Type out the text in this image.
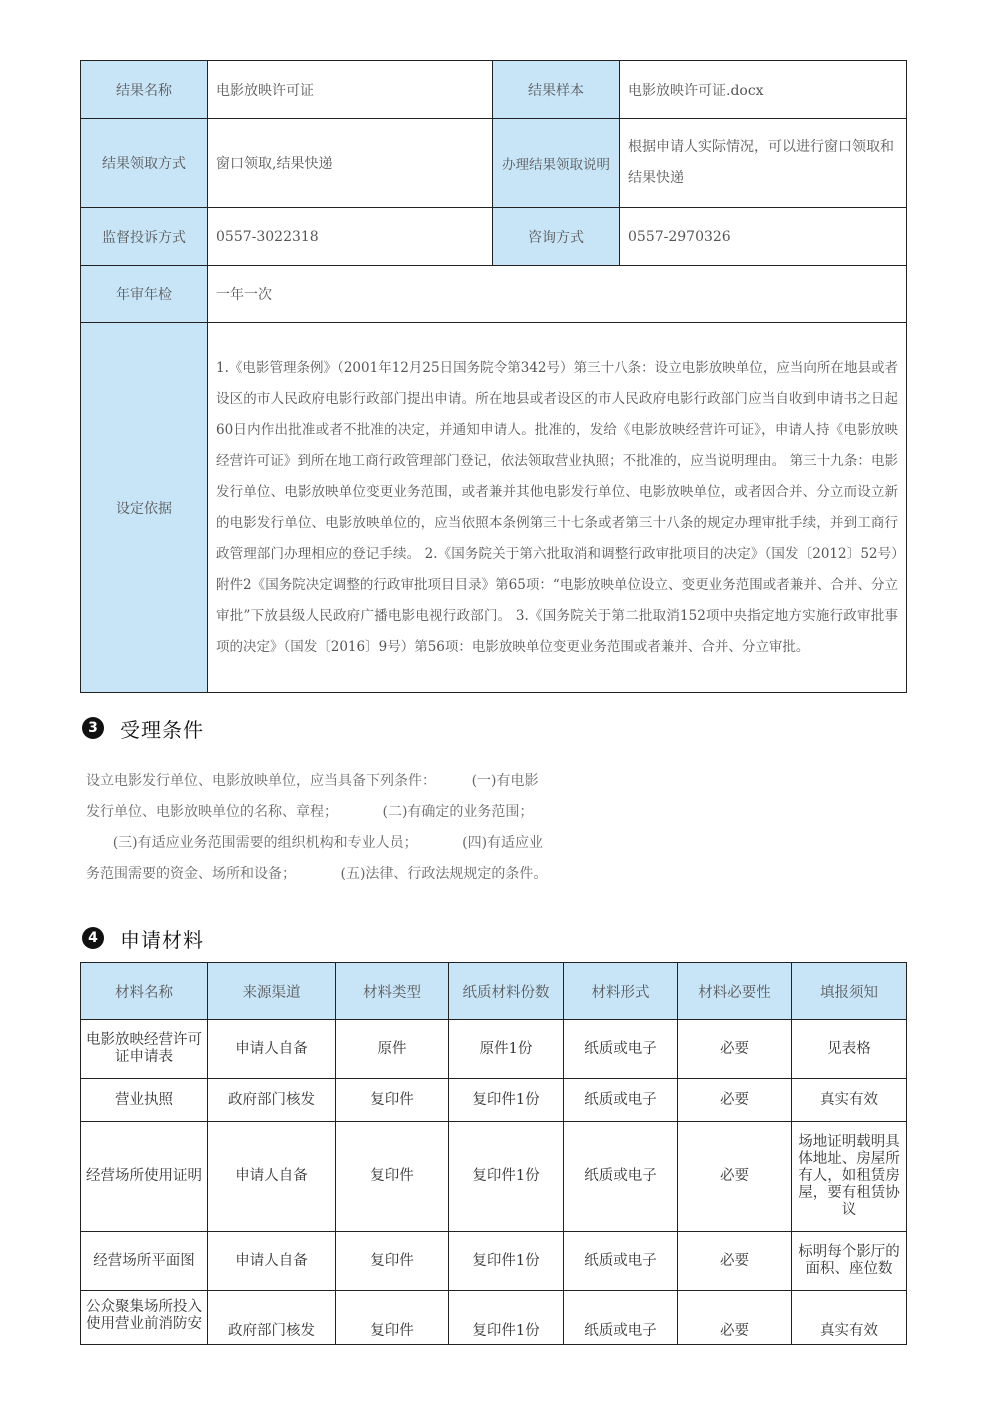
结果名称	电影放映许可证	结果样本	电影放映许可证.docx
结果领取方式	窗口领取,结果快递	办理结果领取说明	根据申请人实际情况，可以进行窗口领取和结果快递
监督投诉方式	0557-3022318	咨询方式	0557-2970326
年审年检	一年一次		
设定依据	1.《电影管理条例》（2001年12月25日国务院令第342号）第三十八条：设立电影放映单位，应当向所在地县或者设区的市人民政府电影行政部门提出申请。所在地县或者设区的市人民政府电影行政部门应当自收到申请书之日起60日内作出批准或者不批准的决定，并通知申请人。批准的，发给《电影放映经营许可证》，申请人持《电影放映经营许可证》到所在地工商行政管理部门登记，依法领取营业执照；不批准的，应当说明理由。 第三十九条：电影发行单位、电影放映单位变更业务范围，或者兼并其他电影发行单位、电影放映单位，或者因合并、分立而设立新的电影发行单位、电影放映单位的，应当依照本条例第三十七条或者第三十八条的规定办理审批手续，并到工商行政管理部门办理相应的登记手续。 2.《国务院关于第六批取消和调整行政审批项目的决定》（国发〔2012〕52号）附件2《国务院决定调整的行政审批项目目录》第65项：“电影放映单位设立、变更业务范围或者兼并、合并、分立审批”下放县级人民政府广播电影电视行政部门。 3.《国务院关于第二批取消152项中央指定地方实施行政审批事项的决定》（国发〔2016〕9号）第56项：电影放映单位变更业务范围或者兼并、合并、分立审批。		
3	受理条件
设立电影发行单位、电影放映单位，应当具备下列条件：        (一)有电影
发行单位、电影放映单位的名称、章程；          (二)有确定的业务范围；
(三)有适应业务范围需要的组织机构和专业人员；          (四)有适应业
务范围需要的资金、场所和设备；          (五)法律、行政法规规定的条件。
4	申请材料
材料名称	来源渠道	材料类型	纸质材料份数	材料形式	材料必要性	填报须知
电影放映经营许可证申请表	申请人自备	原件	原件1份	纸质或电子	必要	见表格
营业执照	政府部门核发	复印件	复印件1份	纸质或电子	必要	真实有效
经营场所使用证明	申请人自备	复印件	复印件1份	纸质或电子	必要	场地证明载明具体地址、房屋所有人，如租赁房屋，要有租赁协议
经营场所平面图	申请人自备	复印件	复印件1份	纸质或电子	必要	标明每个影厅的面积、座位数
公众聚集场所投入使用营业前消防安	政府部门核发	复印件	复印件1份	纸质或电子	必要	真实有效
